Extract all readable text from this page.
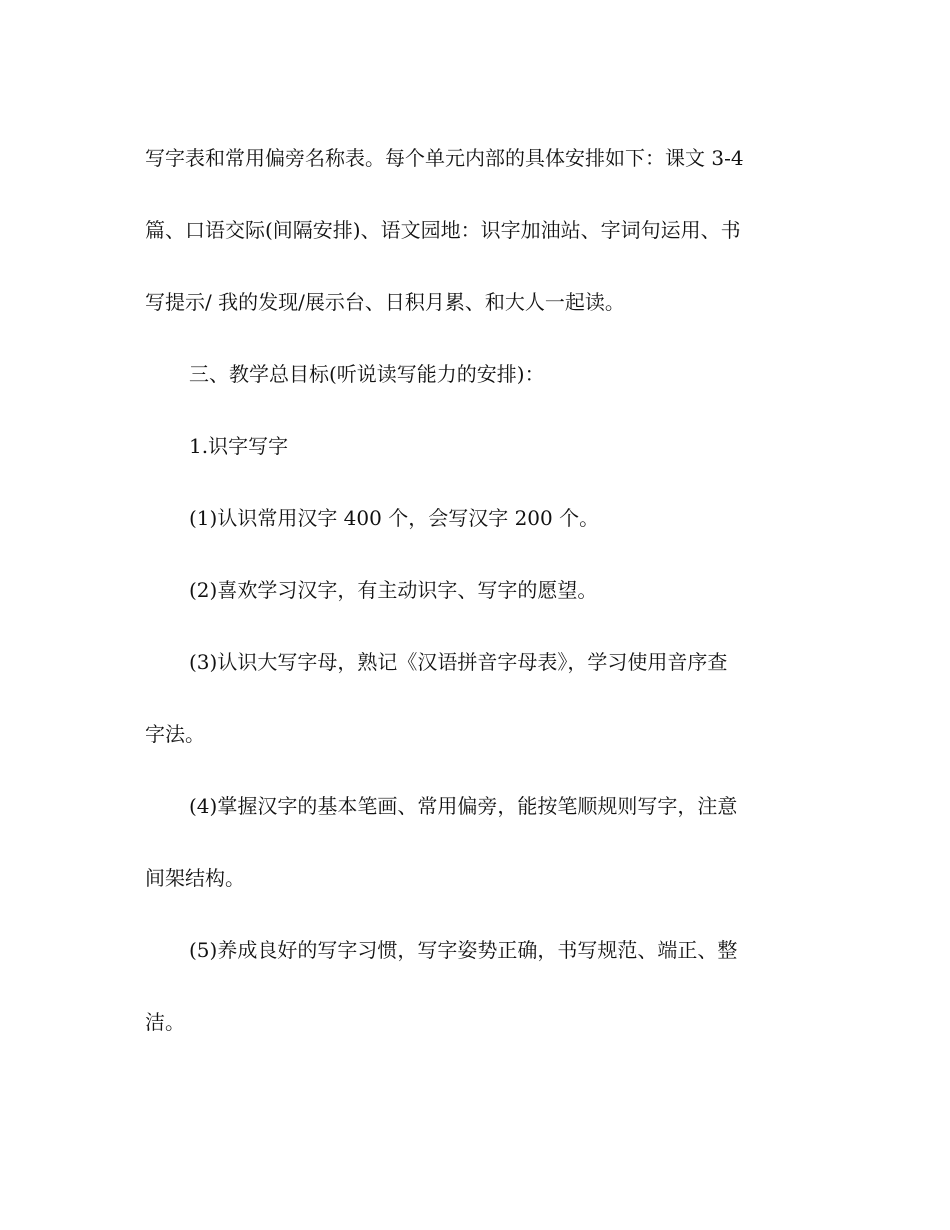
写字表和常用偏旁名称表。每个单元内部的具体安排如下：课文 3-4
篇、口语交际(间隔安排)、语文园地：识字加油站、字词句运用、书
写提示/ 我的发现/展示台、日积月累、和大人一起读。
三、教学总目标(听说读写能力的安排)：
1.识字写字
(1)认识常用汉字 400 个，会写汉字 200 个。
(2)喜欢学习汉字，有主动识字、写字的愿望。
(3)认识大写字母，熟记《汉语拼音字母表》，学习使用音序查
字法。
(4)掌握汉字的基本笔画、常用偏旁，能按笔顺规则写字，注意
间架结构。
(5)养成良好的写字习惯，写字姿势正确，书写规范、端正、整
洁。
